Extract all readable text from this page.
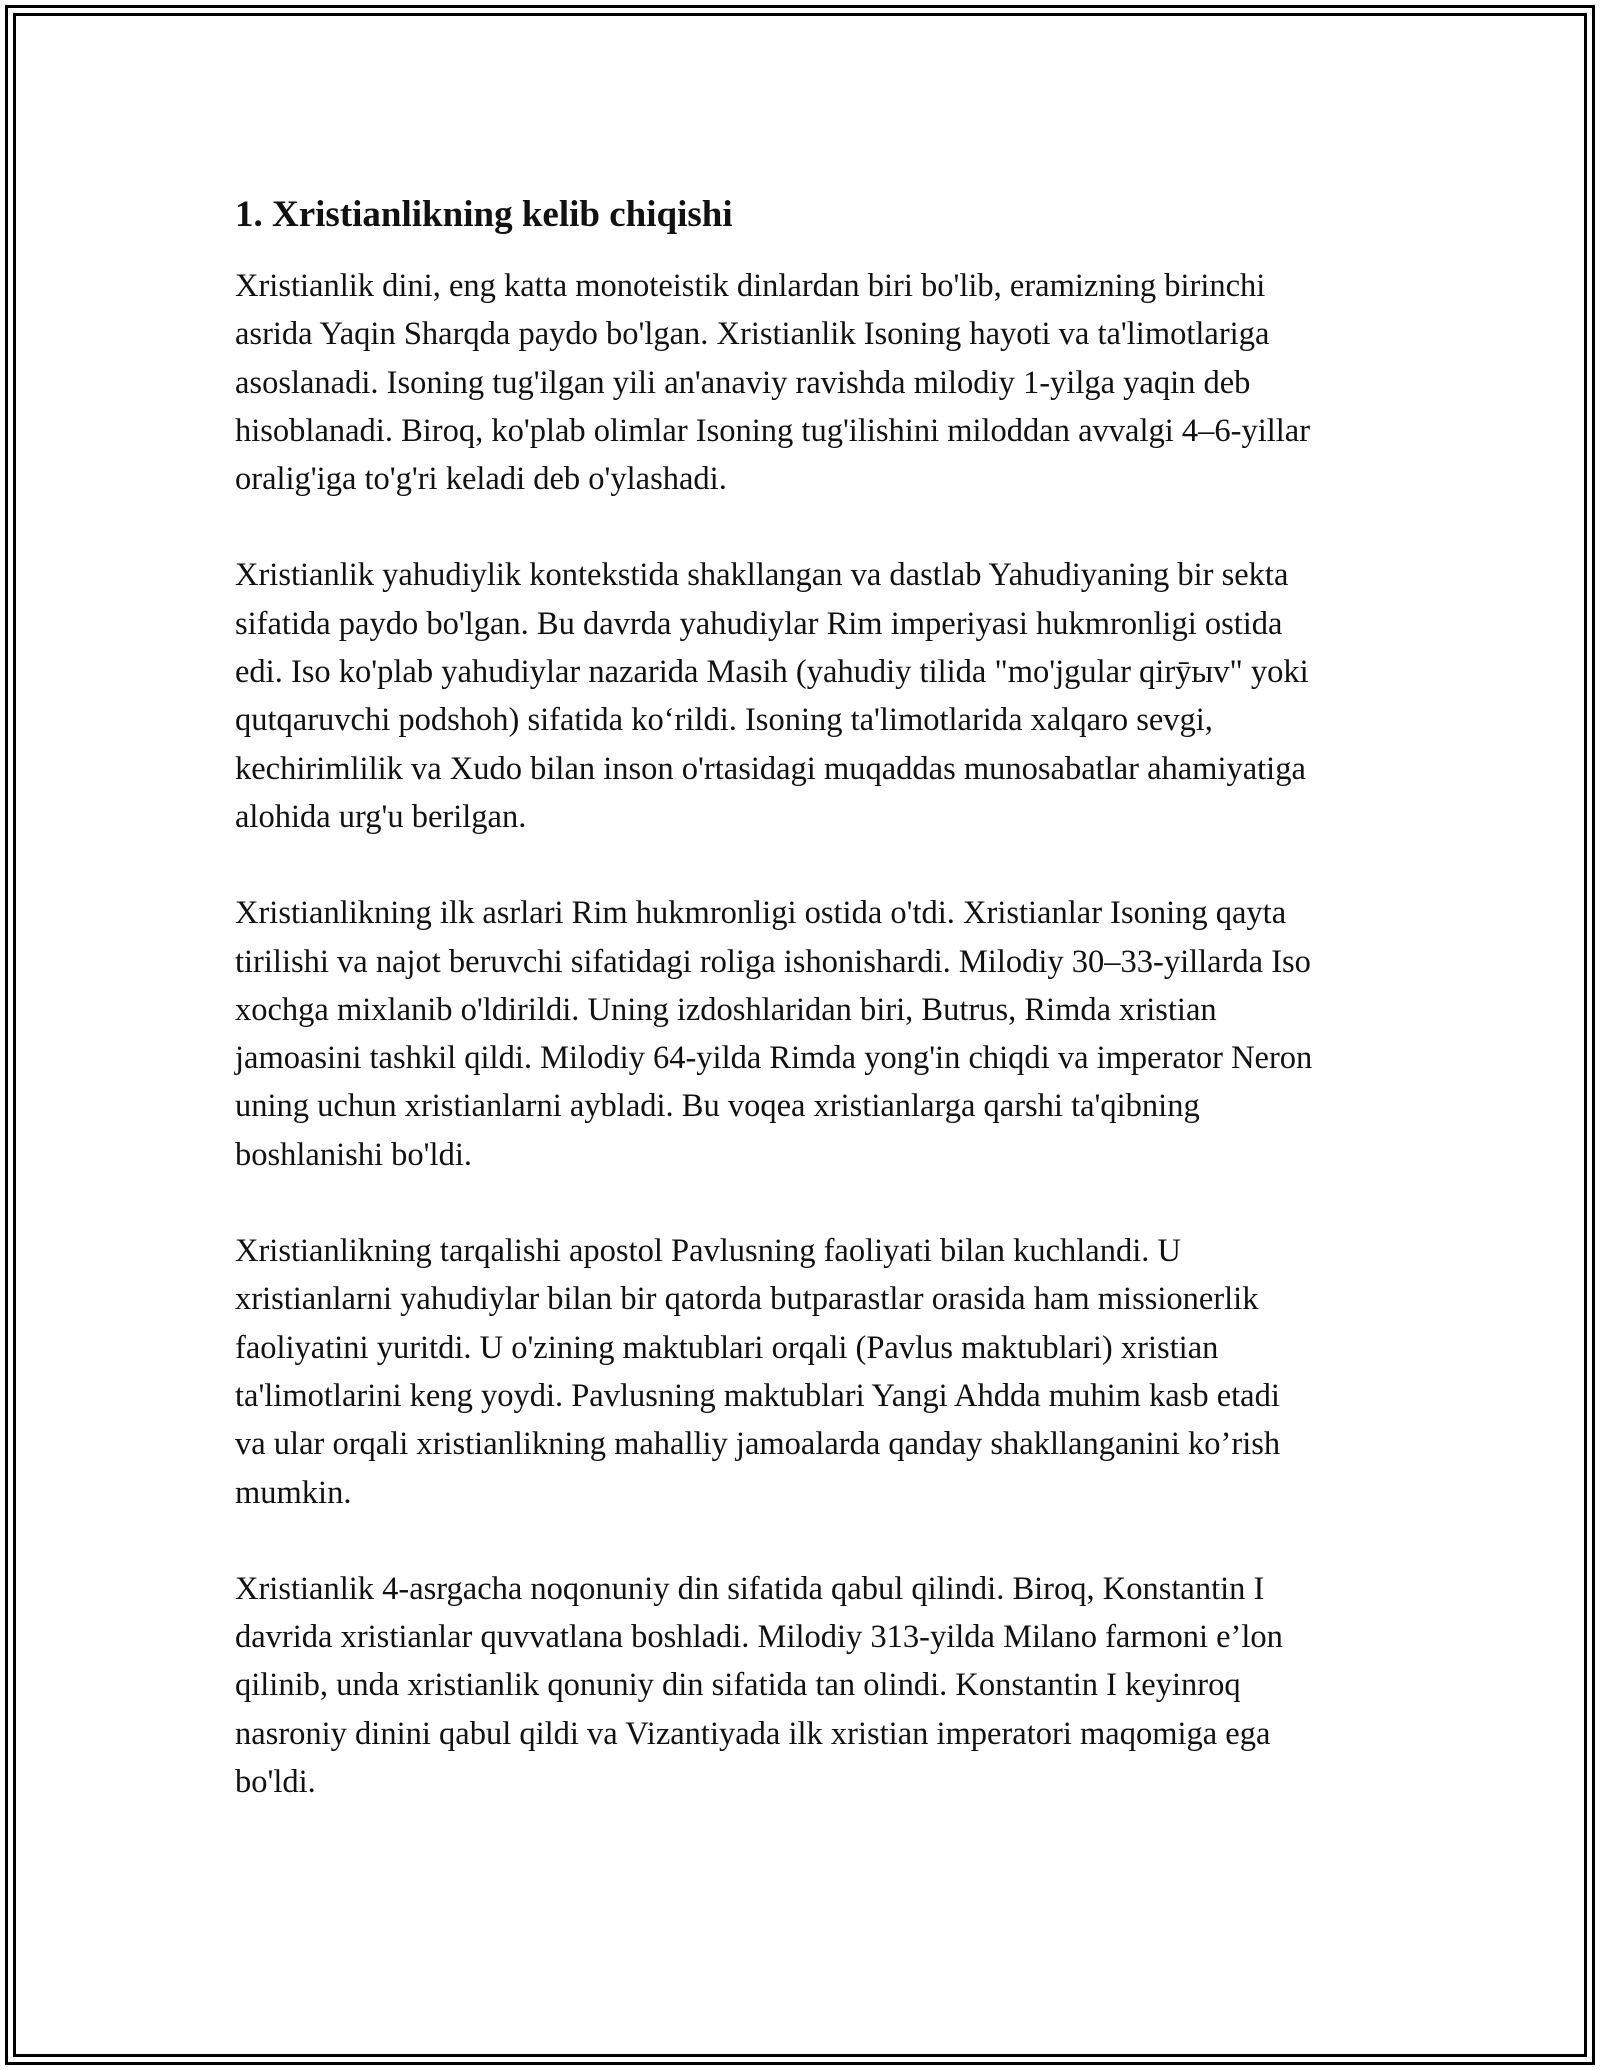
1. Xristianlikning kelib chiqishi

Xristianlik dini, eng katta monoteistik dinlardan biri bo'lib, eramizning birinchi asrida Yaqin Sharqda paydo bo'lgan. Xristianlik Isoning hayoti va ta'limotlariga asoslanadi. Isoning tug'ilgan yili an'anaviy ravishda milodiy 1-yilga yaqin deb hisoblanadi. Biroq, ko'plab olimlar Isoning tug'ilishini miloddan avvalgi 4–6-yillar oralig'iga to'g'ri keladi deb o'ylashadi.

Xristianlik yahudiylik kontekstida shakllangan va dastlab Yahudiyaning bir sekta sifatida paydo bo'lgan. Bu davrda yahudiylar Rim imperiyasi hukmronligi ostida edi. Iso ko'plab yahudiylar nazarida Masih (yahudiy tilida "mo'jgular qirȳыv" yoki qutqaruvchi podshoh) sifatida ko‘rildi. Isoning ta'limotlarida xalqaro sevgi, kechirimlilik va Xudo bilan inson o'rtasidagi muqaddas munosabatlar ahamiyatiga alohida urg'u berilgan.

Xristianlikning ilk asrlari Rim hukmronligi ostida o'tdi. Xristianlar Isoning qayta tirilishi va najot beruvchi sifatidagi roliga ishonishardi. Milodiy 30–33-yillarda Iso xochga mixlanib o'ldirildi. Uning izdoshlaridan biri, Butrus, Rimda xristian jamoasini tashkil qildi. Milodiy 64-yilda Rimda yong'in chiqdi va imperator Neron uning uchun xristianlarni aybladi. Bu voqea xristianlarga qarshi ta'qibning boshlanishi bo'ldi.

Xristianlikning tarqalishi apostol Pavlusning faoliyati bilan kuchlandi. U xristianlarni yahudiylar bilan bir qatorda butparastlar orasida ham missionerlik faoliyatini yuritdi. U o'zining maktublari orqali (Pavlus maktublari) xristian ta'limotlarini keng yoydi. Pavlusning maktublari Yangi Ahdda muhim kasb etadi va ular orqali xristianlikning mahalliy jamoalarda qanday shakllanganini ko’rish mumkin.

Xristianlik 4-asrgacha noqonuniy din sifatida qabul qilindi. Biroq, Konstantin I davrida xristianlar quvvatlana boshladi. Milodiy 313-yilda Milano farmoni e’lon qilinib, unda xristianlik qonuniy din sifatida tan olindi. Konstantin I keyinroq nasroniy dinini qabul qildi va Vizantiyada ilk xristian imperatori maqomiga ega bo'ldi.
